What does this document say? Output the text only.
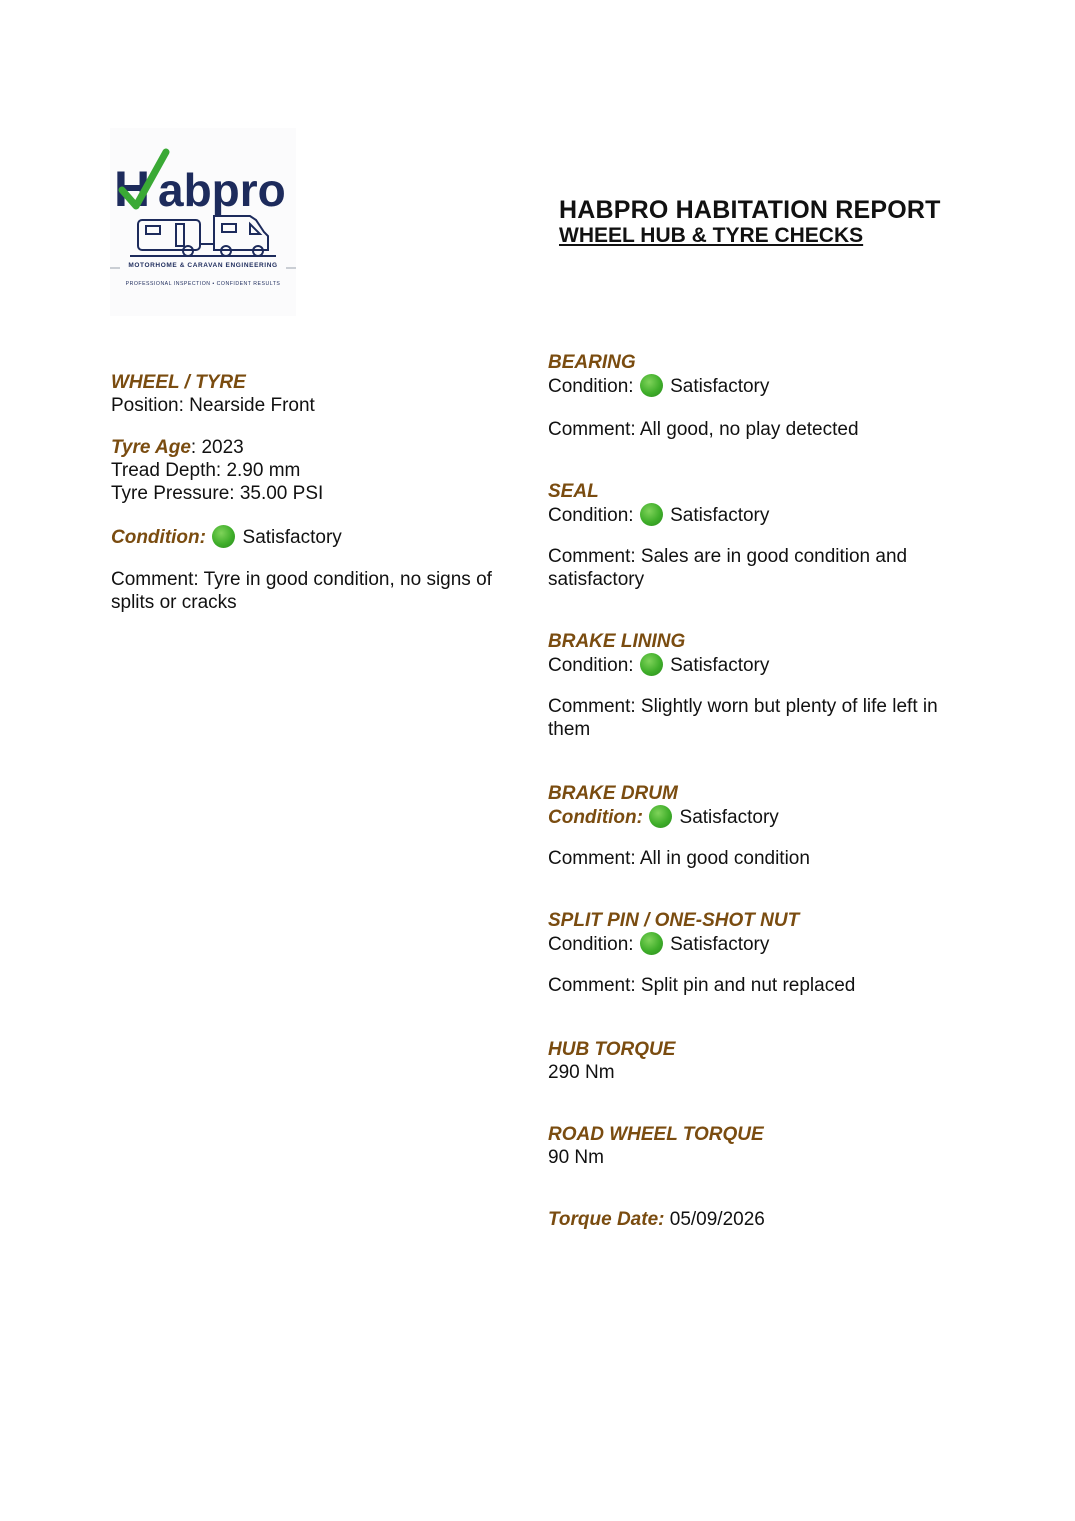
H abpro
MOTORHOME & CARAVAN ENGINEERING
PROFESSIONAL INSPECTION • CONFIDENT RESULTS
HABPRO HABITATION REPORT
WHEEL HUB & TYRE CHECKS
WHEEL / TYRE
Position: Nearside Front
Tyre Age: 2023
Tread Depth: 2.90 mm
Tyre Pressure: 35.00 PSI
Condition: Satisfactory
Comment: Tyre in good condition, no signs of splits or cracks
BEARING
Condition: Satisfactory
Comment: All good, no play detected
SEAL
Condition: Satisfactory
Comment: Sales are in good condition and satisfactory
BRAKE LINING
Condition: Satisfactory
Comment: Slightly worn but plenty of life left in them
BRAKE DRUM
Condition: Satisfactory
Comment: All in good condition
SPLIT PIN / ONE-SHOT NUT
Condition: Satisfactory
Comment: Split pin and nut replaced
HUB TORQUE
290 Nm
ROAD WHEEL TORQUE
90 Nm
Torque Date: 05/09/2026
